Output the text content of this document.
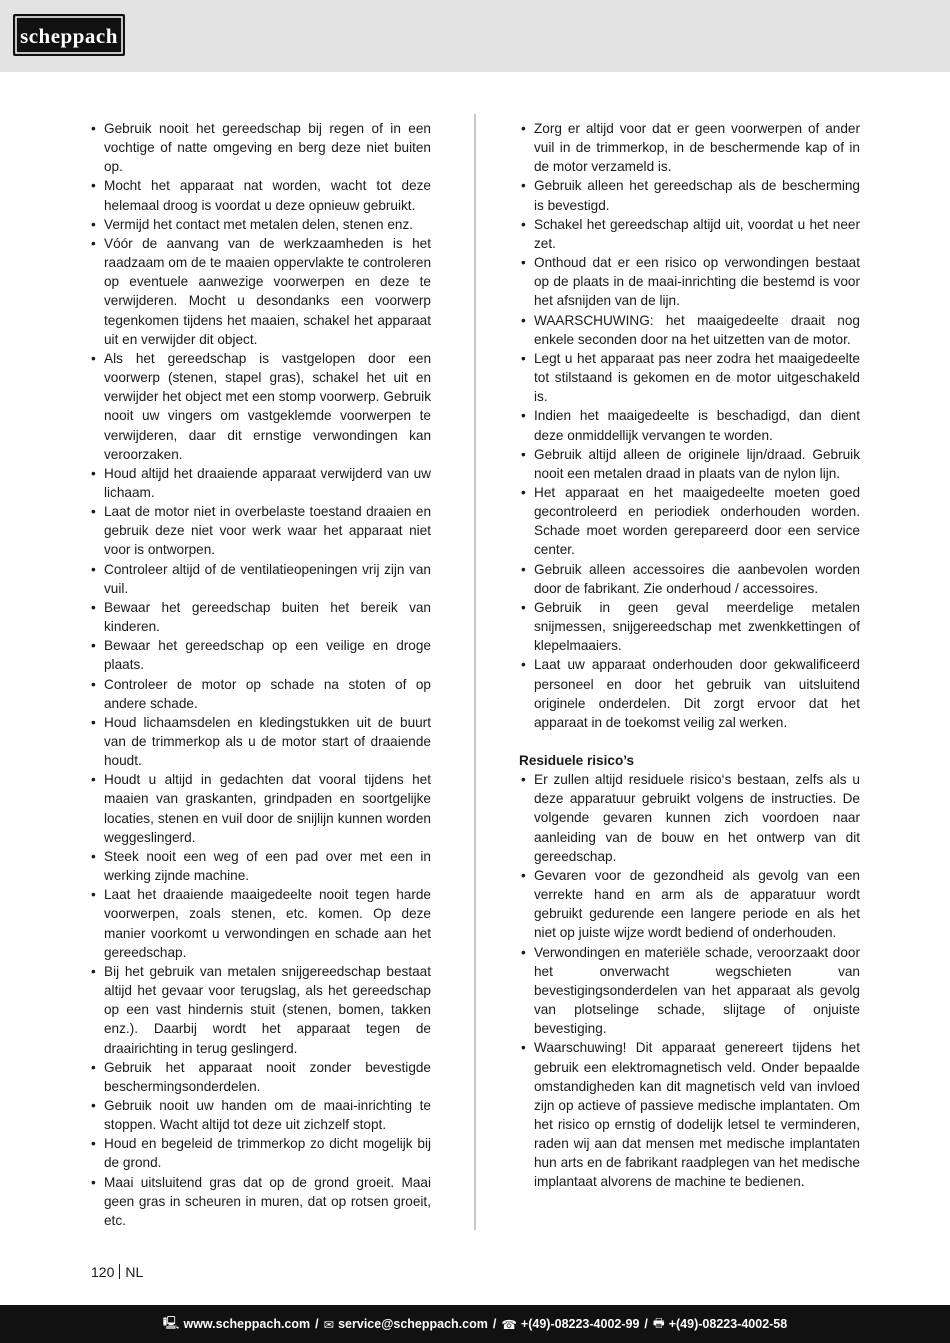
scheppach
• Gebruik nooit het gereedschap bij regen of in een vochtige of natte omgeving en berg deze niet buiten op.
• Mocht het apparaat nat worden, wacht tot deze helemaal droog is voordat u deze opnieuw gebruikt.
• Vermijd het contact met metalen delen, stenen enz.
• Vóór de aanvang van de werkzaamheden is het raadzaam om de te maaien oppervlakte te controleren op eventuele aanwezige voorwerpen en deze te verwijderen. Mocht u desondanks een voorwerp tegenkomen tijdens het maaien, schakel het apparaat uit en verwijder dit object.
• Als het gereedschap is vastgelopen door een voorwerp (stenen, stapel gras), schakel het uit en verwijder het object met een stomp voorwerp. Gebruik nooit uw vingers om vastgeklemde voorwerpen te verwijderen, daar dit ernstige verwondingen kan veroorzaken.
• Houd altijd het draaiende apparaat verwijderd van uw lichaam.
• Laat de motor niet in overbelaste toestand draaien en gebruik deze niet voor werk waar het apparaat niet voor is ontworpen.
• Controleer altijd of de ventilatieopeningen vrij zijn van vuil.
• Bewaar het gereedschap buiten het bereik van kinderen.
• Bewaar het gereedschap op een veilige en droge plaats.
• Controleer de motor op schade na stoten of op andere schade.
• Houd lichaamsdelen en kledingstukken uit de buurt van de trimmerkop als u de motor start of draaiende houdt.
• Houdt u altijd in gedachten dat vooral tijdens het maaien van graskanten, grindpaden en soortgelijke locaties, stenen en vuil door de snijlijn kunnen worden weggeslingerd.
• Steek nooit een weg of een pad over met een in werking zijnde machine.
• Laat het draaiende maaigedeelte nooit tegen harde voorwerpen, zoals stenen, etc. komen. Op deze manier voorkomt u verwondingen en schade aan het gereedschap.
• Bij het gebruik van metalen snijgereedschap bestaat altijd het gevaar voor terugslag, als het gereedschap op een vast hindernis stuit (stenen, bomen, takken enz.). Daarbij wordt het apparaat tegen de draairichting in terug geslingerd.
• Gebruik het apparaat nooit zonder bevestigde beschermingsonderdelen.
• Gebruik nooit uw handen om de maai-inrichting te stoppen. Wacht altijd tot deze uit zichzelf stopt.
• Houd en begeleid de trimmerkop zo dicht mogelijk bij de grond.
• Maai uitsluitend gras dat op de grond groeit. Maai geen gras in scheuren in muren, dat op rotsen groeit, etc.
• Zorg er altijd voor dat er geen voorwerpen of ander vuil in de trimmerkop, in de beschermende kap of in de motor verzameld is.
• Gebruik alleen het gereedschap als de bescherming is bevestigd.
• Schakel het gereedschap altijd uit, voordat u het neer zet.
• Onthoud dat er een risico op verwondingen bestaat op de plaats in de maai-inrichting die bestemd is voor het afsnijden van de lijn.
• WAARSCHUWING: het maaigedeelte draait nog enkele seconden door na het uitzetten van de motor.
• Legt u het apparaat pas neer zodra het maaigedeelte tot stilstaand is gekomen en de motor uitgeschakeld is.
• Indien het maaigedeelte is beschadigd, dan dient deze onmiddellijk vervangen te worden.
• Gebruik altijd alleen de originele lijn/draad. Gebruik nooit een metalen draad in plaats van de nylon lijn.
• Het apparaat en het maaigedeelte moeten goed gecontroleerd en periodiek onderhouden worden. Schade moet worden gerepareerd door een service center.
• Gebruik alleen accessoires die aanbevolen worden door de fabrikant. Zie onderhoud / accessoires.
• Gebruik in geen geval meerdelige metalen snijmessen, snijgereedschap met zwenkkettingen of klepelmaaiers.
• Laat uw apparaat onderhouden door gekwalificeerd personeel en door het gebruik van uitsluitend originele onderdelen. Dit zorgt ervoor dat het apparaat in de toekomst veilig zal werken.
Residuele risico’s
• Er zullen altijd residuele risico‘s bestaan, zelfs als u deze apparatuur gebruikt volgens de instructies. De volgende gevaren kunnen zich voordoen naar aanleiding van de bouw en het ontwerp van dit gereedschap.
• Gevaren voor de gezondheid als gevolg van een verrekte hand en arm als de apparatuur wordt gebruikt gedurende een langere periode en als het niet op juiste wijze wordt bediend of onderhouden.
• Verwondingen en materiële schade, veroorzaakt door het onverwacht wegschieten van bevestigingsonderdelen van het apparaat als gevolg van plotselinge schade, slijtage of onjuiste bevestiging.
• Waarschuwing! Dit apparaat genereert tijdens het gebruik een elektromagnetisch veld. Onder bepaalde omstandigheden kan dit magnetisch veld van invloed zijn op actieve of passieve medische implantaten. Om het risico op ernstig of dodelijk letsel te verminderen, raden wij aan dat mensen met medische implantaten hun arts en de fabrikant raadplegen van het medische implantaat alvorens de machine te bedienen.
120 NL
🖳 www.scheppach.com / ✉ service@scheppach.com / ☎ +(49)-08223-4002-99 / 🖶 +(49)-08223-4002-58
